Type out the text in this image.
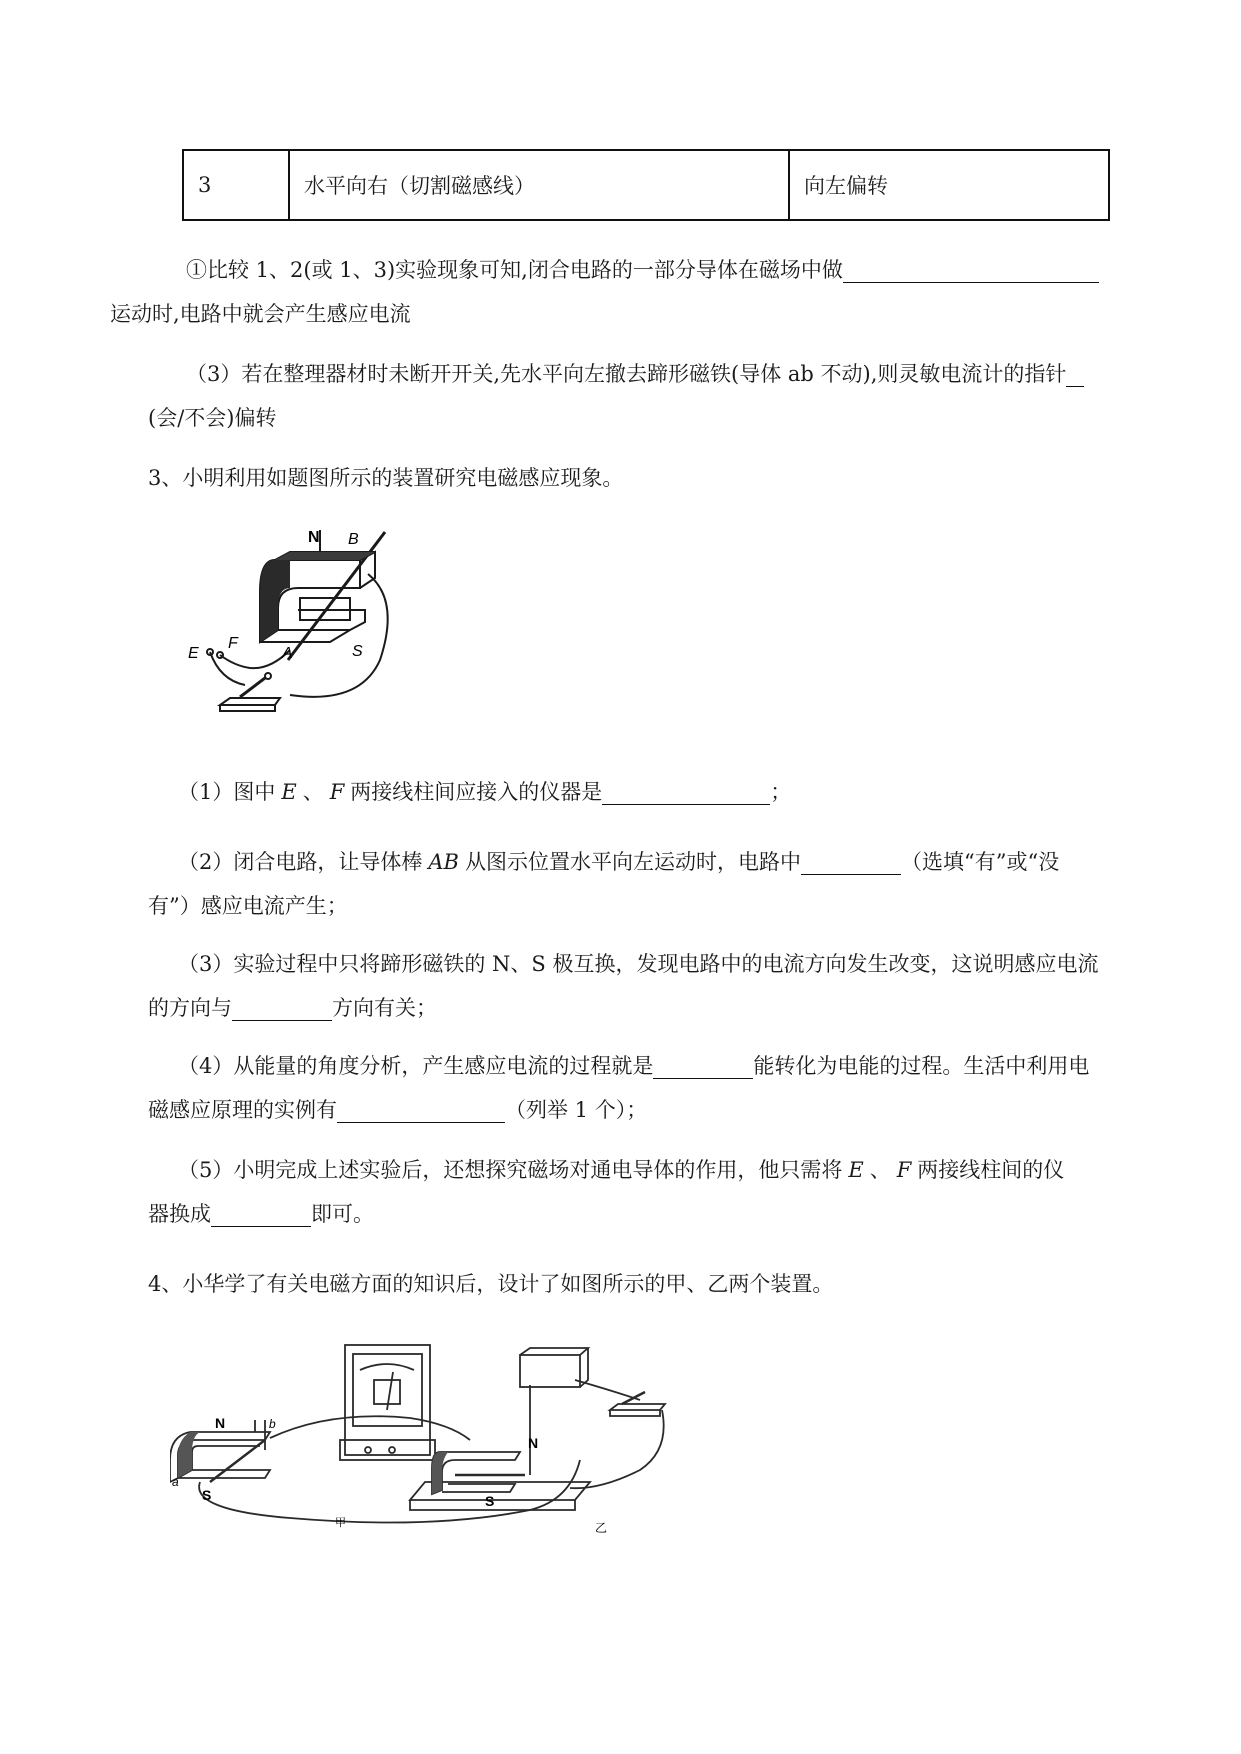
3	水平向右（切割磁感线）	向左偏转

①比较 1、2(或 1、3)实验现象可知,闭合电路的一部分导体在磁场中做
运动时,电路中就会产生感应电流

（3）若在整理器材时未断开开关,先水平向左撤去蹄形磁铁(导体 ab 不动),则灵敏电流计的指针
(会/不会)偏转

3、小明利用如题图所示的装置研究电磁感应现象。

N B
E
F
A	S

（1）图中 E 、 F 两接线柱间应接入的仪器是	；

（2）闭合电路，让导体棒 AB 从图示位置水平向左运动时，电路中	（选填“有”或“没
有”）感应电流产生；

（3）实验过程中只将蹄形磁铁的 N、S 极互换，发现电路中的电流方向发生改变，这说明感应电流
的方向与	方向有关；

（4）从能量的角度分析，产生感应电流的过程就是	能转化为电能的过程。生活中利用电
磁感应原理的实例有	（列举 1 个）；

（5）小明完成上述实验后，还想探究磁场对通电导体的作用，他只需将 E 、 F 两接线柱间的仪
器换成	即可。

4、小华学了有关电磁方面的知识后，设计了如图所示的甲、乙两个装置。

N	b
a
S
甲
N
S
乙
